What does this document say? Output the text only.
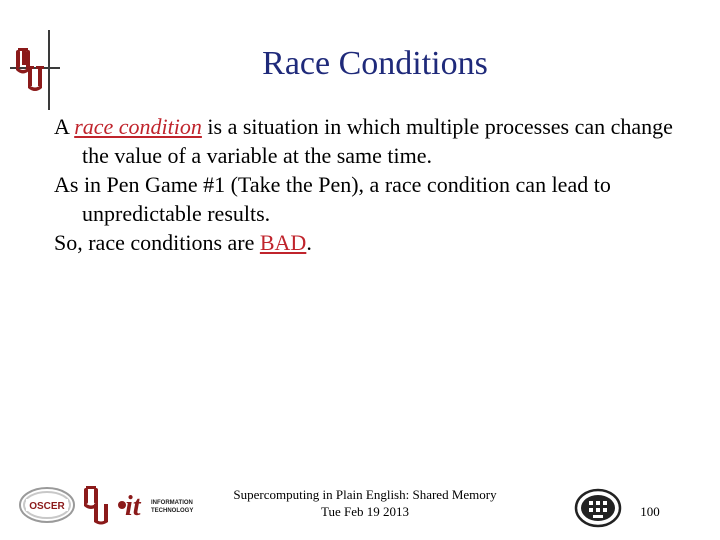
Race Conditions

A race condition is a situation in which multiple processes can change the value of a variable at the same time.

As in Pen Game #1 (Take the Pen), a race condition can lead to unpredictable results.

So, race conditions are BAD.

OSCER it INFORMATION
TECHNOLOGY
Supercomputing in Plain English: Shared Memory
Tue Feb 19 2013	100
